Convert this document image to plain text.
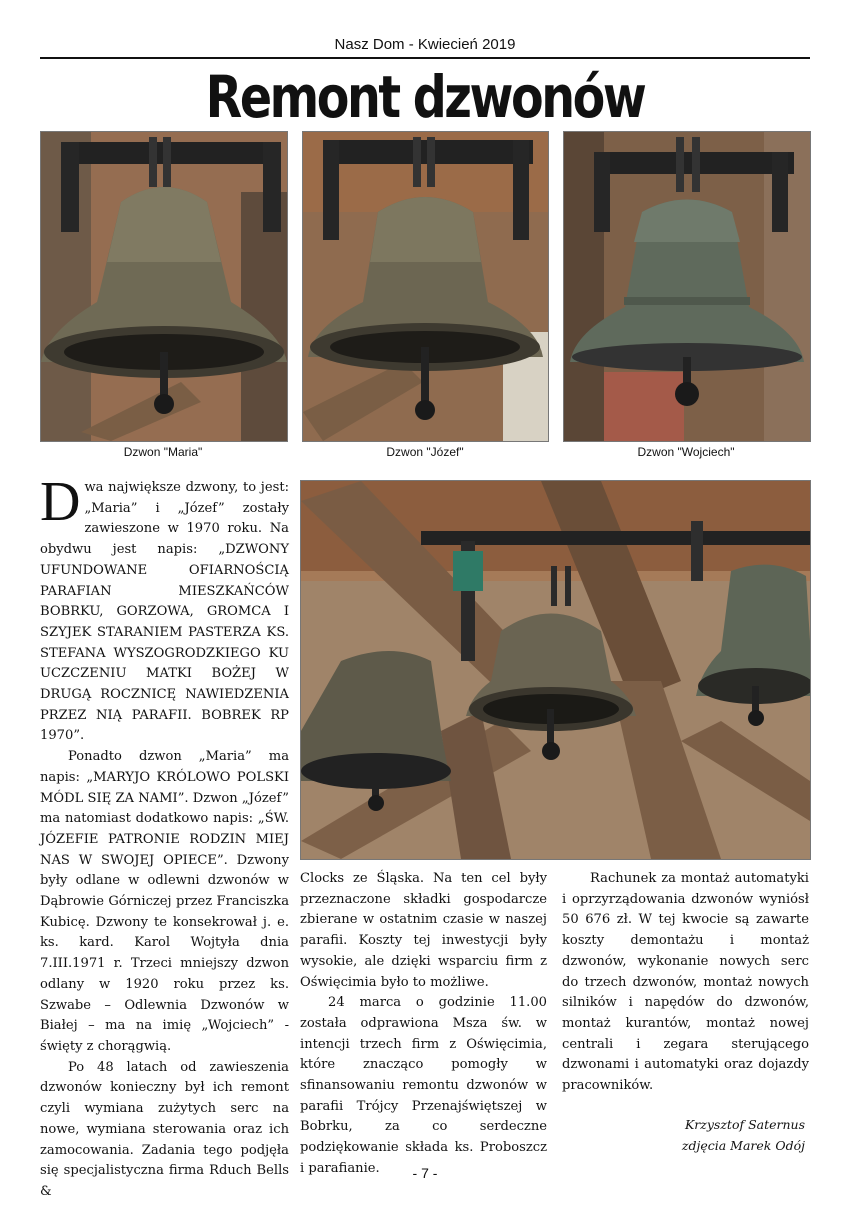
Nasz Dom - Kwiecień 2019
Remont dzwonów
Dzwon "Maria"	Dzwon "Józef"	Dzwon "Wojciech"

Dwa największe dzwony, to jest: „Maria” i „Józef” zostały zawieszone w 1970 roku. Na obydwu jest napis: „DZWONY UFUNDOWANE OFIARNOŚCIĄ PARAFIAN MIESZKAŃCÓW BOBRKU, GORZOWA, GROMCA I SZYJEK STARANIEM PASTERZA KS. STEFANA WYSZOGRODZKIEGO KU UCZCZENIU MATKI BOŻEJ W DRUGĄ ROCZNICĘ NAWIEDZENIA PRZEZ NIĄ PARAFII. BOBREK RP 1970”.

Ponadto dzwon „Maria” ma napis: „MARYJO KRÓLOWO POLSKI MÓDL SIĘ ZA NAMI”. Dzwon „Józef” ma natomiast dodatkowo napis: „ŚW. JÓZEFIE PATRONIE RODZIN MIEJ NAS W SWOJEJ OPIECE”. Dzwony były odlane w odlewni dzwonów w Dąbrowie Górniczej przez Franciszka Kubicę. Dzwony te konsekrował j. e. ks. kard. Karol Wojtyła dnia 7.III.1971 r. Trzeci mniejszy dzwon odlany w 1920 roku przez ks. Szwabe – Odlewnia Dzwonów w Białej – ma na imię „Wojciech” - święty z chorągwią.

Po 48 latach od zawieszenia dzwonów konieczny był ich remont czyli wymiana zużytych serc na nowe, wymiana sterowania oraz ich zamocowania. Zadania tego podjęła się specjalistyczna firma Rduch Bells &

Clocks ze Śląska. Na ten cel były przeznaczone składki gospodarcze zbierane w ostatnim czasie w naszej parafii. Koszty tej inwestycji były wysokie, ale dzięki wsparciu firm z Oświęcimia było to możliwe.

24 marca o godzinie 11.00 została odprawiona Msza św. w intencji trzech firm z Oświęcimia, które znacząco pomogły w sfinansowaniu remontu dzwonów w parafii Trójcy Przenajświętszej w Bobrku, za co serdeczne podziękowanie składa ks. Proboszcz i parafianie.

Rachunek za montaż automatyki i oprzyrządowania dzwonów wyniósł 50 676 zł. W tej kwocie są zawarte koszty demontażu i montaż dzwonów, wykonanie nowych serc do trzech dzwonów, montaż nowych silników i napędów do dzwonów, montaż kurantów, montaż nowej centrali i zegara sterującego dzwonami i automatyki oraz dojazdy pracowników.

Krzysztof Saternus
zdjęcia Marek Odój
- 7 -
